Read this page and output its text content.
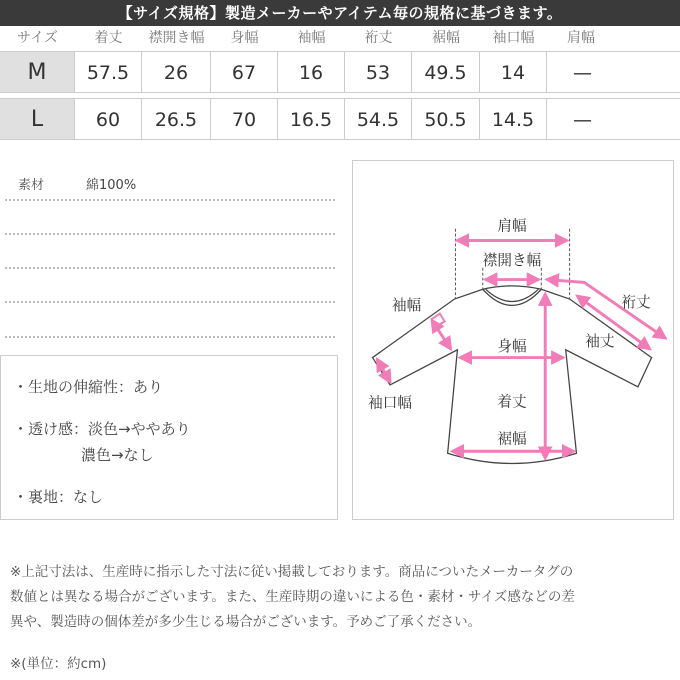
【サイズ規格】製造メーカーやアイテム毎の規格に基づきます。
サイズ	着丈	襟開き幅	身幅	袖幅	裄丈	裾幅	袖口幅	肩幅
M	57.5	26	67	16	53	49.5	14	—
L	60	26.5	70	16.5	54.5	50.5	14.5	—
素材	綿100%
・生地の伸縮性：あり
・透け感：淡色→ややあり
濃色→なし
・裏地：なし
肩幅
襟開き幅
袖幅	裄丈
袖丈
身幅
着丈
裾幅
袖口幅
※上記寸法は、生産時に指示した寸法に従い掲載しております。商品についたメーカータグの
数値とは異なる場合がございます。また、生産時期の違いによる色・素材・サイズ感などの差
異や、製造時の個体差が多少生じる場合がございます。予めご了承ください。
※(単位：約cm)
